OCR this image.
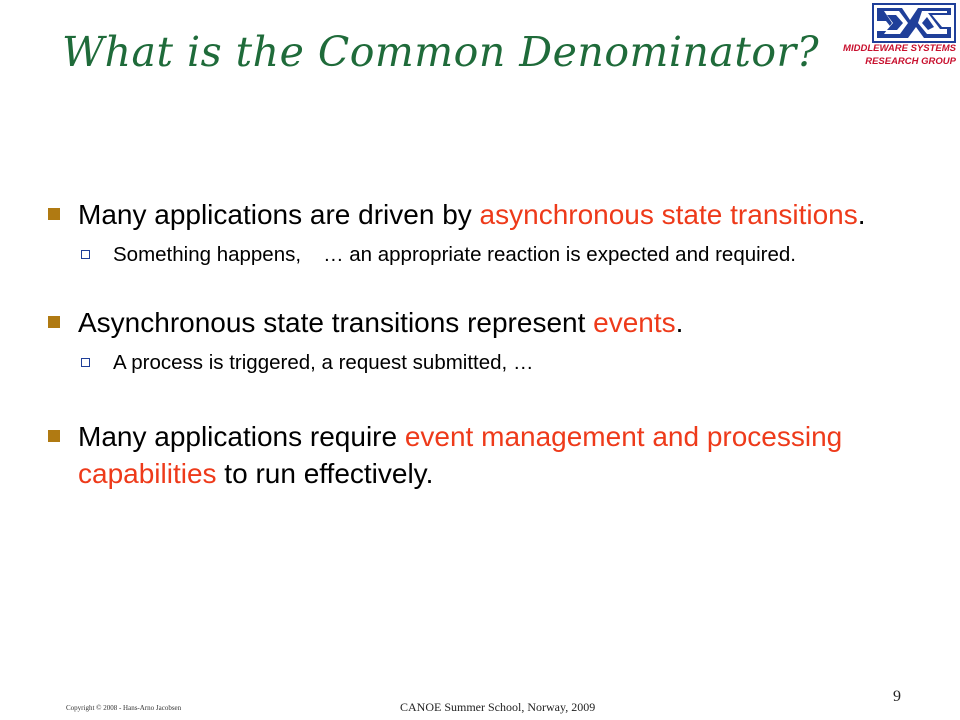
What is the Common Denominator?	MIDDLEWARE SYSTEMS
RESEARCH GROUP
Many applications are driven by asynchronous state transitions.
Something happens, … an appropriate reaction is expected and required.
Asynchronous state transitions represent events.
A process is triggered, a request submitted, …
Many applications require event management and processing capabilities to run effectively.
Copyright © 2008 - Hans-Arno Jacobsen	CANOE Summer School, Norway, 2009
9
